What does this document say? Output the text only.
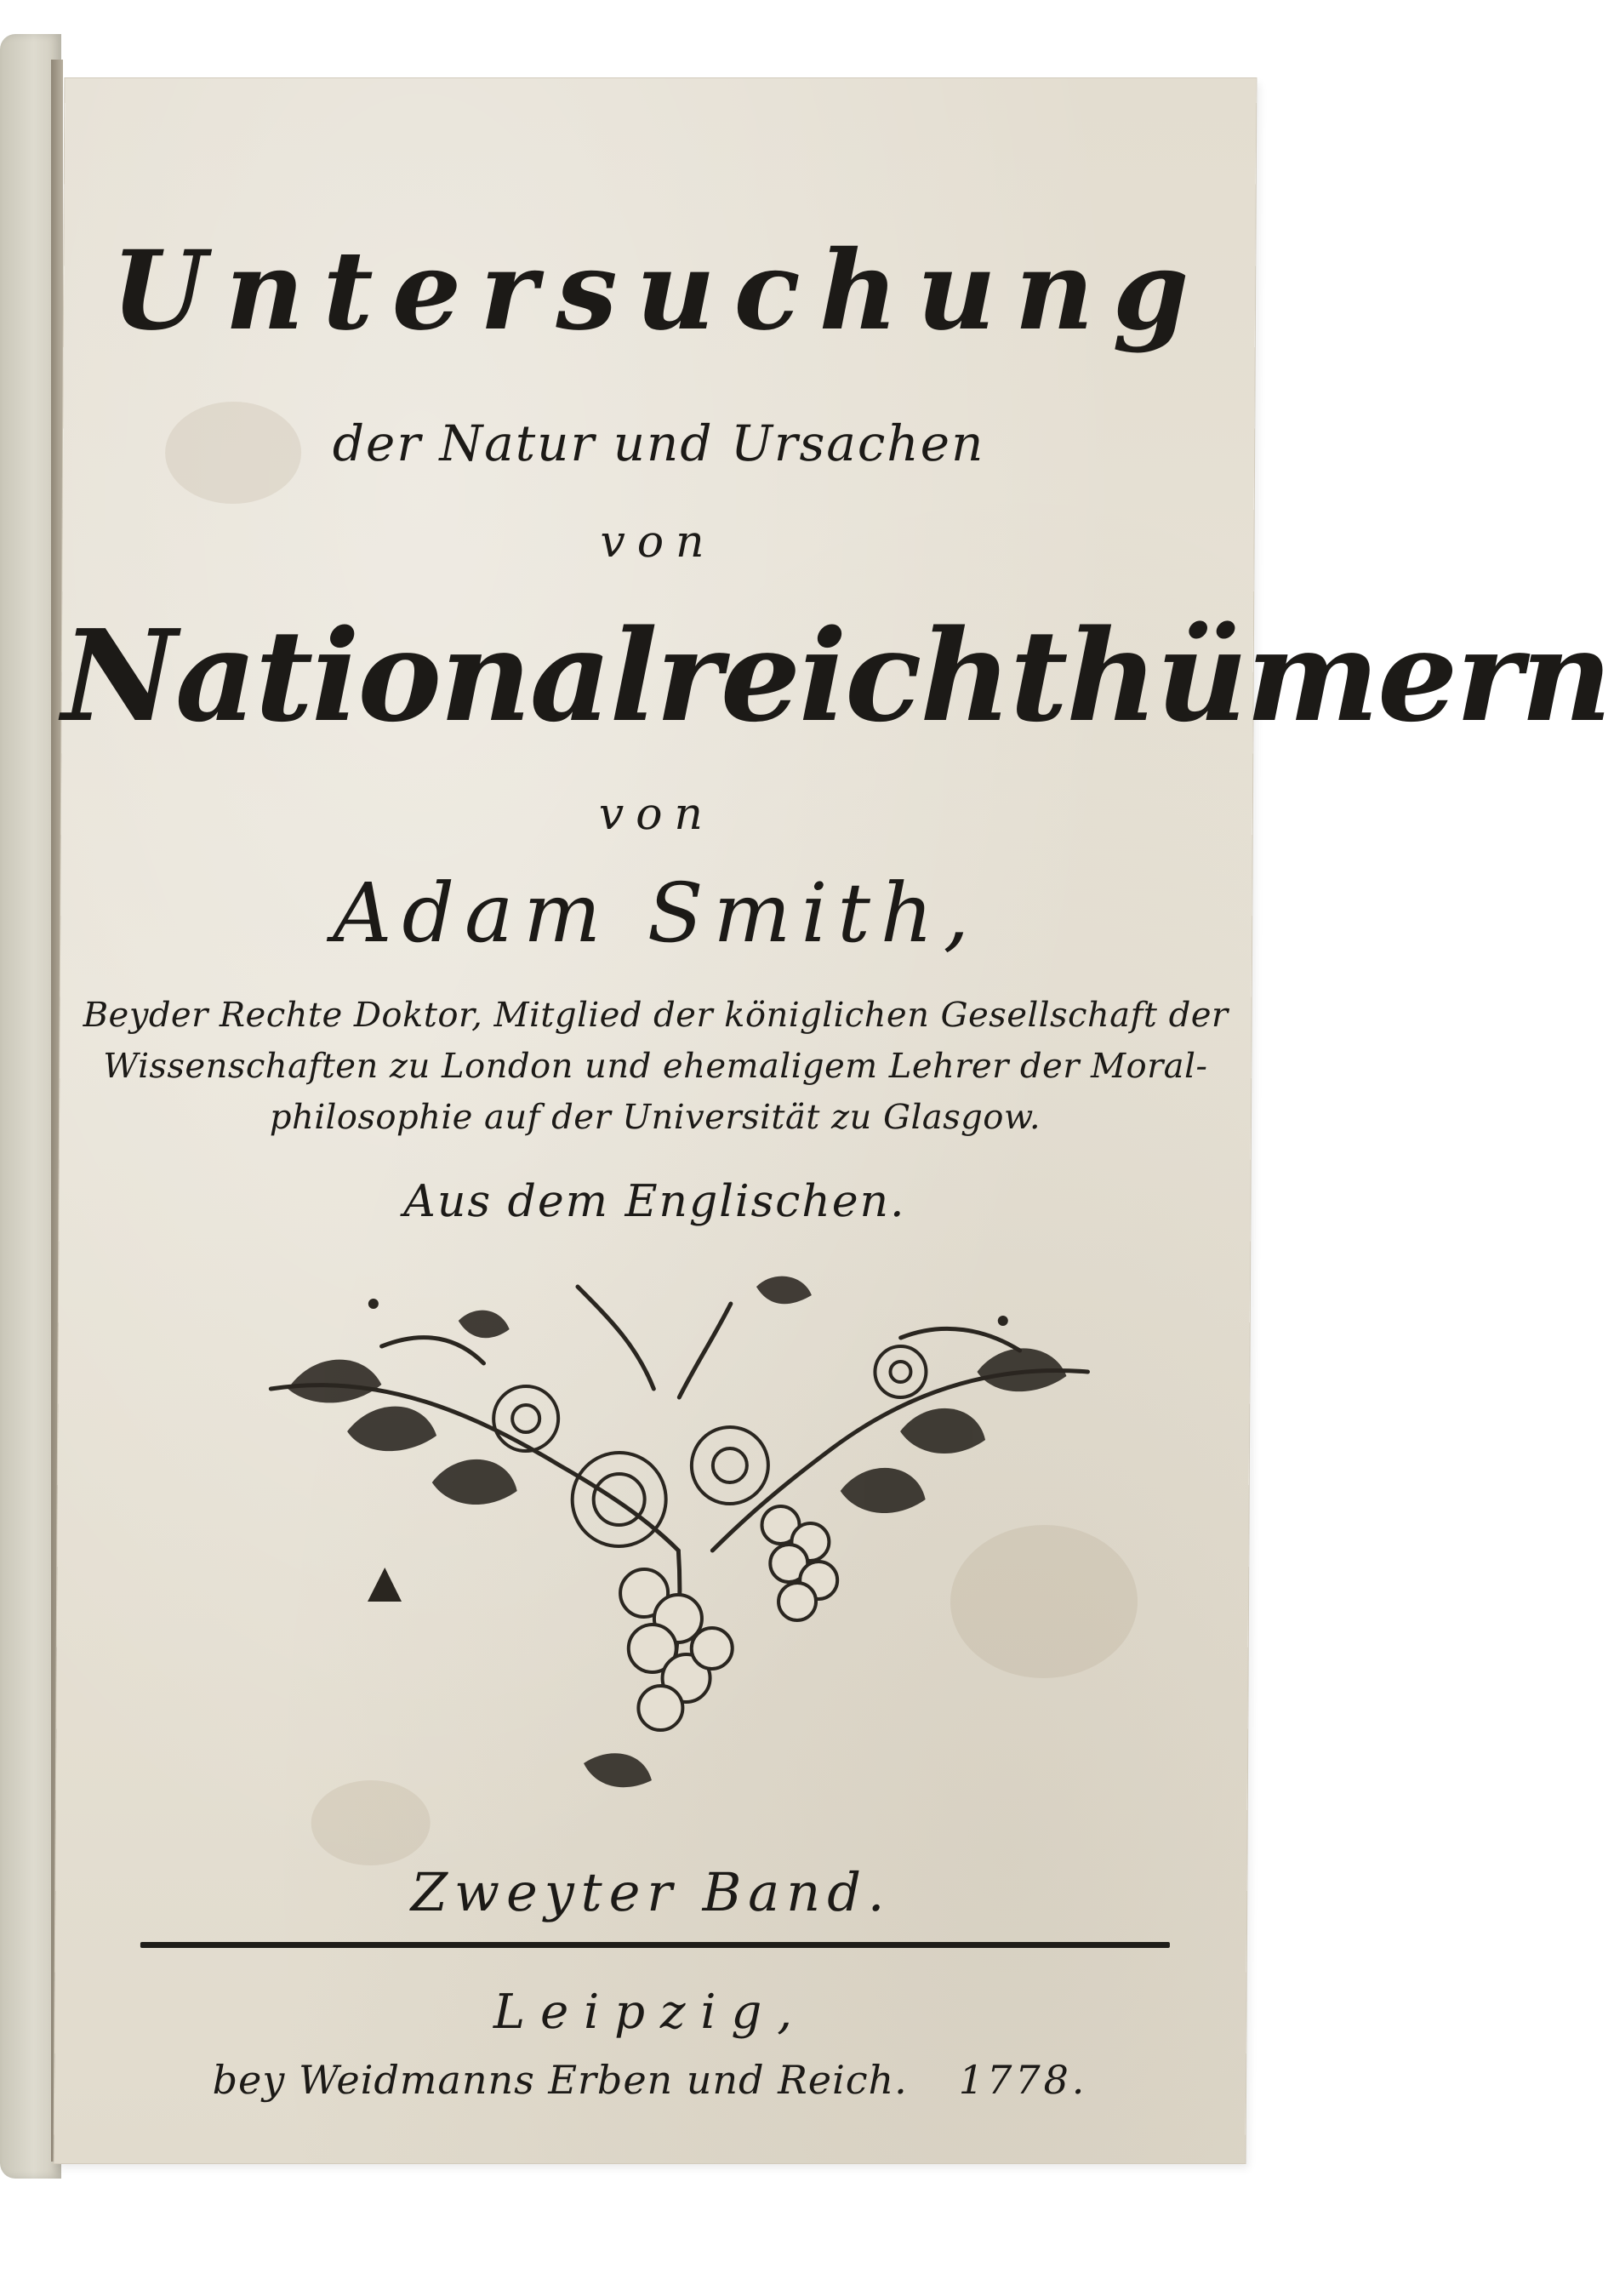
Untersuchung
der Natur und Ursachen
von
Nationalreichthümern
von
Adam Smith,
Beyder Rechte Doktor, Mitglied der königlichen Gesellschaft der
Wissenschaften zu London und ehemaligem Lehrer der Moral-
philosophie auf der Universität zu Glasgow.
Aus dem Englischen.
Zweyter Band.
Leipzig,
bey Weidmanns Erben und Reich. 1778.
